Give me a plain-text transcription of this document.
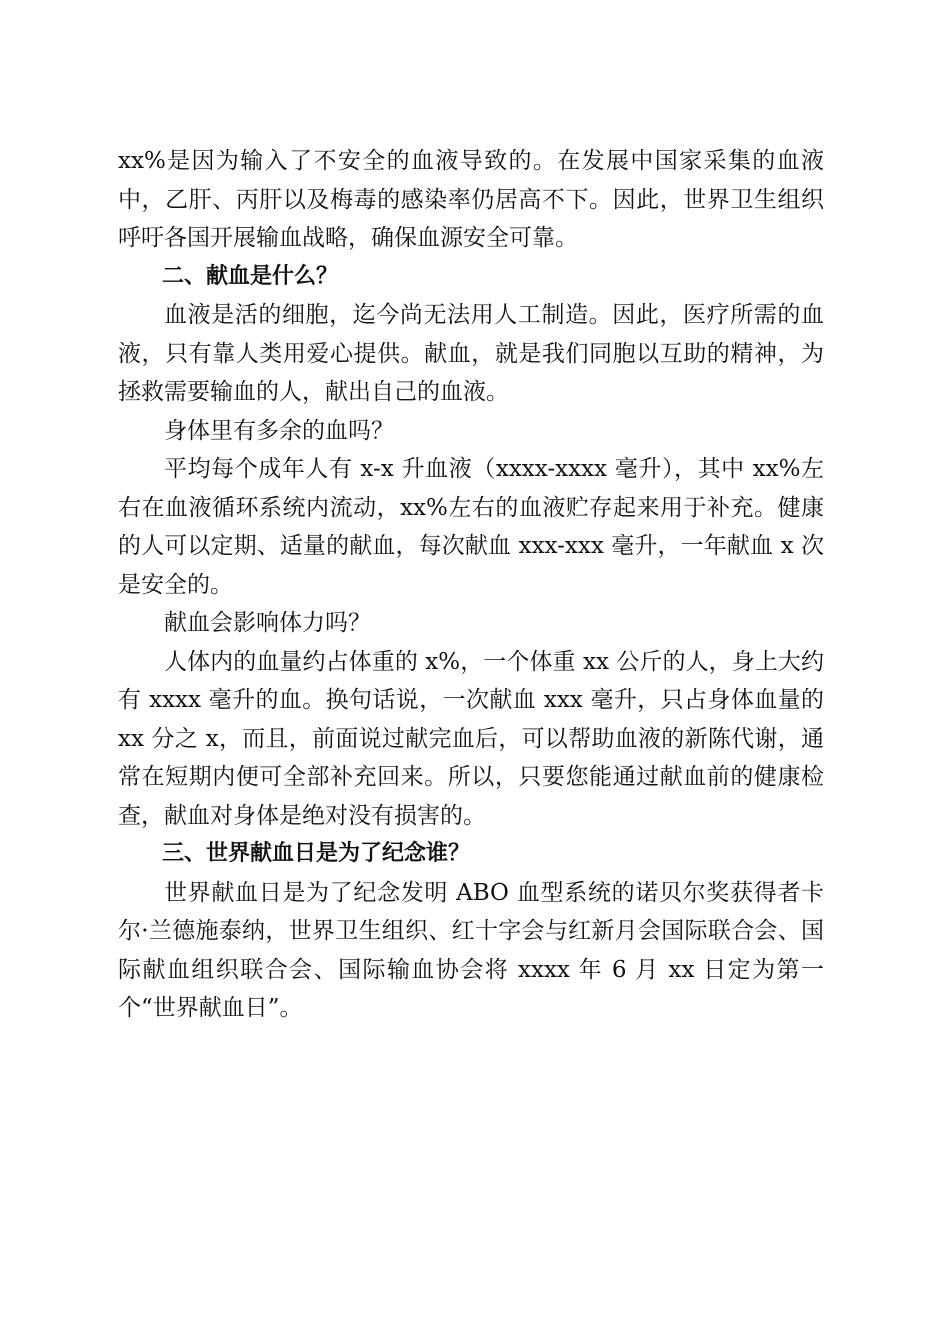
xx%是因为输入了不安全的血液导致的。在发展中国家采集的血液中，乙肝、丙肝以及梅毒的感染率仍居高不下。因此，世界卫生组织呼吁各国开展输血战略，确保血源安全可靠。

二、献血是什么？

血液是活的细胞，迄今尚无法用人工制造。因此，医疗所需的血液，只有靠人类用爱心提供。献血，就是我们同胞以互助的精神，为拯救需要输血的人，献出自己的血液。

身体里有多余的血吗？

平均每个成年人有 x-x 升血液（xxxx-xxxx 毫升），其中 xx%左右在血液循环系统内流动，xx%左右的血液贮存起来用于补充。健康的人可以定期、适量的献血，每次献血 xxx-xxx 毫升，一年献血 x 次是安全的。

献血会影响体力吗？

人体内的血量约占体重的 x%，一个体重 xx 公斤的人，身上大约有 xxxx 毫升的血。换句话说，一次献血 xxx 毫升，只占身体血量的 xx 分之 x，而且，前面说过献完血后，可以帮助血液的新陈代谢，通常在短期内便可全部补充回来。所以，只要您能通过献血前的健康检查，献血对身体是绝对没有损害的。

三、世界献血日是为了纪念谁？

世界献血日是为了纪念发明 ABO 血型系统的诺贝尔奖获得者卡尔·兰德施泰纳，世界卫生组织、红十字会与红新月会国际联合会、国际献血组织联合会、国际输血协会将 xxxx 年 6 月 xx 日定为第一个“世界献血日”。
